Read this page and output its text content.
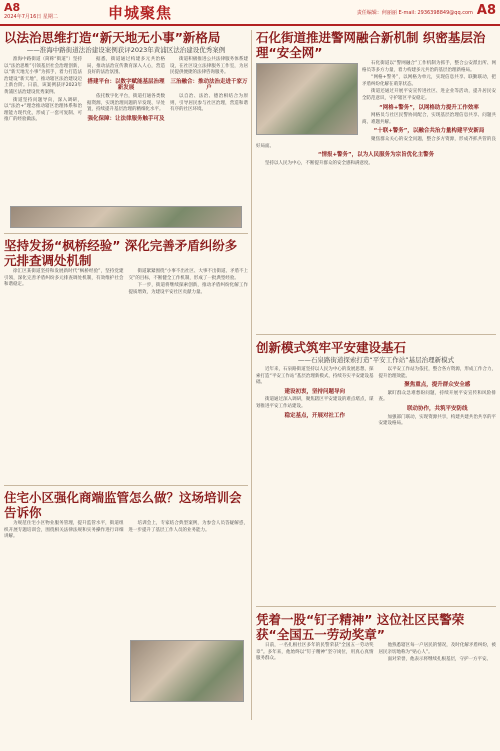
A8
2024年7月16日 星期二	申城聚焦	责任编辑：何丽丽 E-mail: 2936398849@qq.com A8
以法治思维打造“新天地无小事”新格局
——淮海中路街道法治建设案例获评2023年黄浦区法治建设优秀案例

淮海中路街道（简称“街道”）坚持以“法治思维”引领基层社会治理创新，以“新天地无小事”为抓手，着力打造法治建设“新天地”，推动辖区法治建设迈上新台阶。日前，该案例获评2023年黄浦区法治建设优秀案例。

街道坚持问题导向，深入调研，以“法治+”理念推动辖区治理体系和治理能力现代化，形成了一套可复制、可推广的经验做法。

据悉，街道通过构建多元共治格局，推动法治宣传教育深入人心，营造良好的法治氛围。

搭建平台：以数字赋能基层治理新发展

依托数字化平台，街道打通各类数据资源，实现治理问题的早发现、早处置，持续提升基层治理的精细化水平。

强化保障：让法律服务触手可及

街道积极推进公共法律服务体系建设，在社区设立法律服务工作室，为居民提供便捷的法律咨询服务。

三治融合：推动法治走进千家万户

以自治、法治、德治相结合为原则，引导居民参与社区治理，营造和谐有序的社区环境。

石化街道推进警网融合新机制 织密基层治理“安全网”

石化街道以“警网融合”工作机制为抓手，整合公安派出所、网格员等多方力量，着力构建多元共治的基层治理新格局。

“网格+警务”，以网格为单元，实现信息共享、联勤联动，把矛盾纠纷化解在萌芽状态。

街道还通过开展平安宣传进社区、进企业等活动，提升居民安全防范意识，守护辖区平安稳定。

“网格+警务”，以网格助力提升工作效率

网格员与社区民警协同配合，实现基层治理信息共享、问题共商、难题共解。

“十联+警务”，以融合共治力量构建平安新局

聚焦群众关心的安全问题，整合多方资源，形成齐抓共管的良好局面。

“情报+警务”，以为人民服务为宗旨优化主警务

坚持以人民为中心，不断提升群众的安全感和满意度。

坚持发扬“枫桥经验” 深化完善矛盾纠纷多元排查调处机制

徐汇区某街道坚持和发展新时代“枫桥经验”，坚持党建引领，深化完善矛盾纠纷多元排查调处机制，有效维护社会和谐稳定。

街道紧紧围绕“小事不出社区、大事不出街道、矛盾不上交”的目标，不断健全工作机制，形成了一批典型经验。

下一步，街道将继续探索创新，推动矛盾纠纷化解工作提质增效，为建设平安社区贡献力量。

创新模式筑牢平安建设基石
——石泉路街道探索打造“平安工作站”基层治理新模式

近年来，石泉路街道坚持以人民为中心的发展思想，探索打造“平安工作站”基层治理新模式，持续夯实平安建设基础。

建设初衷，坚持问题导向

街道通过深入调研，聚焦辖区平安建设的难点堵点，谋划推进平安工作站建设。

稳定基点，开展对社工作

以平安工作站为依托，整合各方资源，形成工作合力，提升治理效能。

聚焦重点，提升群众安全感

紧盯群众急难愁盼问题，持续开展平安宣传和风险排查。

联动协作，共筑平安防线

加强部门联动，实现资源共享，构建共建共治共享的平安建设格局。

住宅小区强化商端监管怎么做？这场培训会告诉你

为规范住宅小区物业服务管理，提升监管水平，街道组织开展专题培训会，围绕相关法律法规和实务操作进行详细讲解。

培训会上，专家结合典型案例，为参会人员答疑解惑，进一步提升了基层工作人员的业务能力。

凭着一股“钉子精神” 这位社区民警荣获“全国五一劳动奖章”

日前，一名扎根社区多年的民警荣获“全国五一劳动奖章”。多年来，他始终以“钉子精神”坚守岗位，用真心真情服务群众。

他熟悉辖区每一户居民的情况，及时化解矛盾纠纷，被居民亲切地称为“贴心人”。

面对荣誉，他表示将继续扎根基层，守护一方平安。
